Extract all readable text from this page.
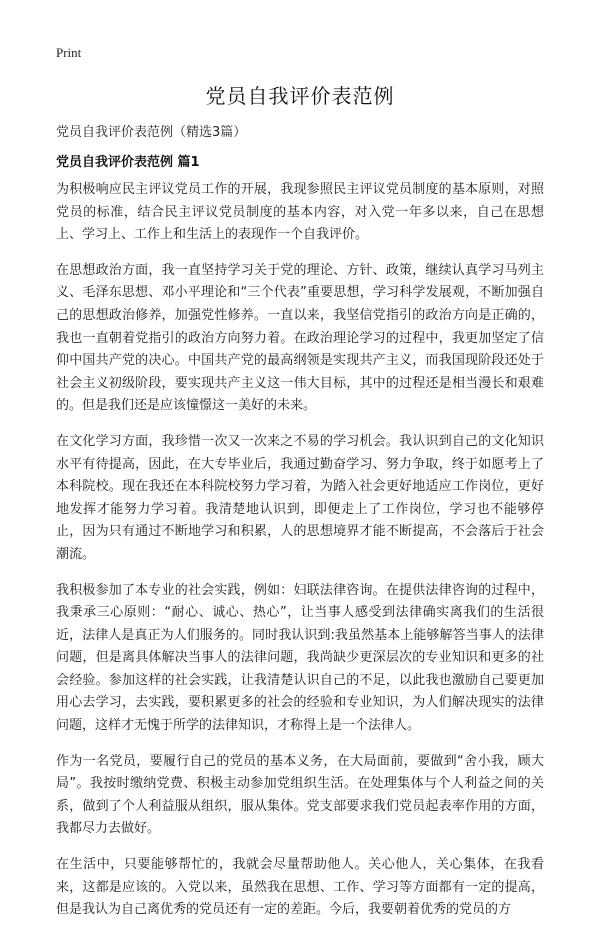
Print
党员自我评价表范例
党员自我评价表范例（精选3篇）
党员自我评价表范例 篇1

为积极响应民主评议党员工作的开展，我现参照民主评议党员制度的基本原则，对照党员的标准，结合民主评议党员制度的基本内容，对入党一年多以来，自己在思想上、学习上、工作上和生活上的表现作一个自我评价。

在思想政治方面，我一直坚持学习关于党的理论、方针、政策，继续认真学习马列主义、毛泽东思想、邓小平理论和“三个代表”重要思想，学习科学发展观，不断加强自己的思想政治修养，加强党性修养。一直以来，我坚信党指引的政治方向是正确的，我也一直朝着党指引的政治方向努力着。在政治理论学习的过程中，我更加坚定了信仰中国共产党的决心。中国共产党的最高纲领是实现共产主义，而我国现阶段还处于社会主义初级阶段，要实现共产主义这一伟大目标，其中的过程还是相当漫长和艰难的。但是我们还是应该憧憬这一美好的未来。

在文化学习方面，我珍惜一次又一次来之不易的学习机会。我认识到自己的文化知识水平有待提高，因此，在大专毕业后，我通过勤奋学习、努力争取，终于如愿考上了本科院校。现在我还在本科院校努力学习着，为踏入社会更好地适应工作岗位，更好地发挥才能努力学习着。我清楚地认识到，即便走上了工作岗位，学习也不能够停止，因为只有通过不断地学习和积累，人的思想境界才能不断提高，不会落后于社会潮流。

我积极参加了本专业的社会实践，例如：妇联法律咨询。在提供法律咨询的过程中，我秉承三心原则：“耐心、诚心、热心”，让当事人感受到法律确实离我们的生活很近，法律人是真正为人们服务的。同时我认识到:我虽然基本上能够解答当事人的法律问题，但是离具体解决当事人的法律问题，我尚缺少更深层次的专业知识和更多的社会经验。参加这样的社会实践，让我清楚认识自己的不足，以此我也激励自己要更加用心去学习，去实践，要积累更多的社会的经验和专业知识，为人们解决现实的法律问题，这样才无愧于所学的法律知识，才称得上是一个法律人。

作为一名党员，要履行自己的党员的基本义务，在大局面前，要做到“舍小我，顾大局”。我按时缴纳党费、积极主动参加党组织生活。在处理集体与个人利益之间的关系，做到了个人利益服从组织，服从集体。党支部要求我们党员起表率作用的方面，我都尽力去做好。

在生活中，只要能够帮忙的，我就会尽量帮助他人。关心他人，关心集体，在我看来，这都是应该的。入党以来，虽然我在思想、工作、学习等方面都有一定的提高，但是我认为自己离优秀的党员还有一定的差距。今后，我要朝着优秀的党员的方
